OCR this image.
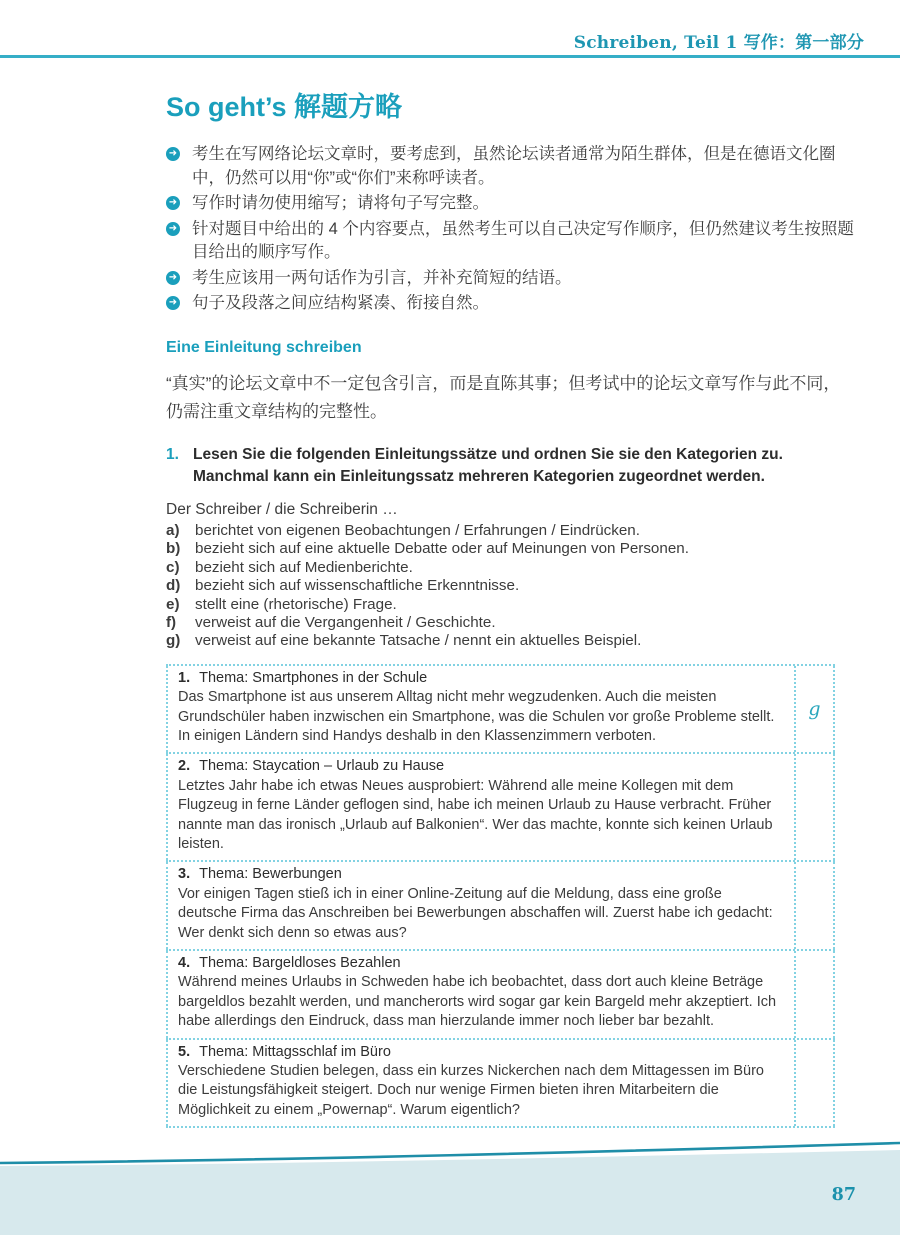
Schreiben, Teil 1 写作：第一部分
So geht’s 解题方略
➜ 考生在写网络论坛文章时，要考虑到，虽然论坛读者通常为陌生群体，但是在德语文化圈中，仍然可以用“你”或“你们”来称呼读者。
➜ 写作时请勿使用缩写；请将句子写完整。
➜ 针对题目中给出的 4 个内容要点，虽然考生可以自己决定写作顺序，但仍然建议考生按照题目给出的顺序写作。
➜ 考生应该用一两句话作为引言，并补充简短的结语。
➜ 句子及段落之间应结构紧凑、衔接自然。
Eine Einleitung schreiben

“真实”的论坛文章中不一定包含引言，而是直陈其事；但考试中的论坛文章写作与此不同，仍需注重文章结构的完整性。

1. Lesen Sie die folgenden Einleitungssätze und ordnen Sie sie den Kategorien zu. Manchmal kann ein Einleitungssatz mehreren Kategorien zugeordnet werden.
Der Schreiber / die Schreiberin …
a) berichtet von eigenen Beobachtungen / Erfahrungen / Eindrücken.
b) bezieht sich auf eine aktuelle Debatte oder auf Meinungen von Personen.
c) bezieht sich auf Medienberichte.
d) bezieht sich auf wissenschaftliche Erkenntnisse.
e) stellt eine (rhetorische) Frage.
f) verweist auf die Vergangenheit / Geschichte.
g) verweist auf eine bekannte Tatsache / nennt ein aktuelles Beispiel.
1. Thema: Smartphones in der Schule
Das Smartphone ist aus unserem Alltag nicht mehr wegzudenken. Auch die meisten Grundschüler haben inzwischen ein Smartphone, was die Schulen vor große Probleme stellt. In einigen Ländern sind Handys deshalb in den Klassenzimmern verboten.
g
2. Thema: Staycation – Urlaub zu Hause
Letztes Jahr habe ich etwas Neues ausprobiert: Während alle meine Kollegen mit dem Flugzeug in ferne Länder geflogen sind, habe ich meinen Urlaub zu Hause verbracht. Früher nannte man das ironisch „Urlaub auf Balkonien“. Wer das machte, konnte sich keinen Urlaub leisten.
3. Thema: Bewerbungen
Vor einigen Tagen stieß ich in einer Online-Zeitung auf die Meldung, dass eine große deutsche Firma das Anschreiben bei Bewerbungen abschaffen will. Zuerst habe ich gedacht: Wer denkt sich denn so etwas aus?
4. Thema: Bargeldloses Bezahlen
Während meines Urlaubs in Schweden habe ich beobachtet, dass dort auch kleine Beträge bargeldlos bezahlt werden, und mancherorts wird sogar gar kein Bargeld mehr akzeptiert. Ich habe allerdings den Eindruck, dass man hierzulande immer noch lieber bar bezahlt.
5. Thema: Mittagsschlaf im Büro
Verschiedene Studien belegen, dass ein kurzes Nickerchen nach dem Mittagessen im Büro die Leistungsfähigkeit steigert. Doch nur wenige Firmen bieten ihren Mitarbeitern die Möglichkeit zu einem „Powernap“. Warum eigentlich?
87
